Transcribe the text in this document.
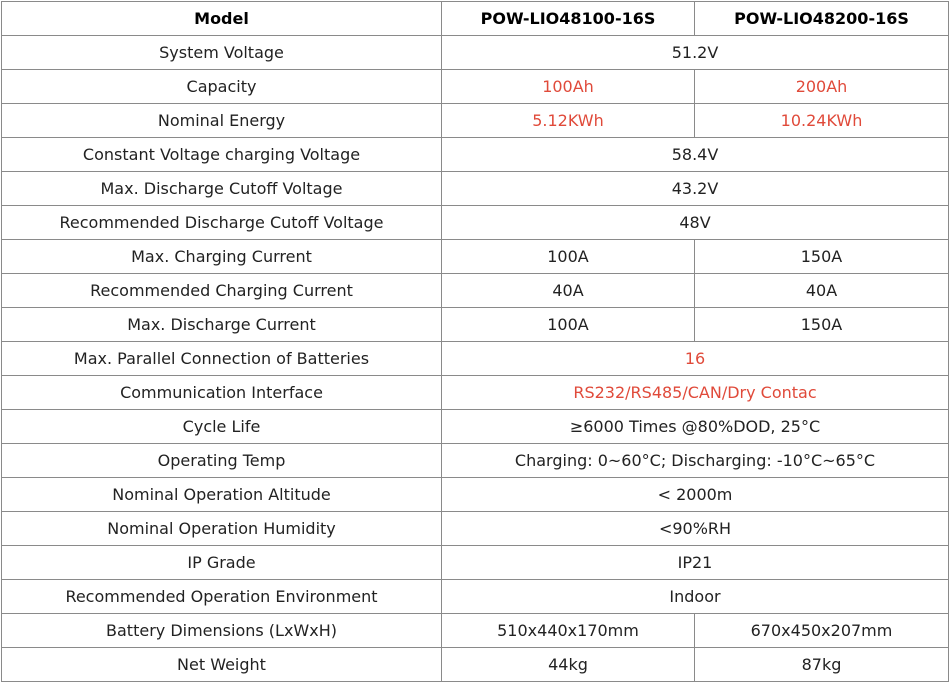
Model	POW-LIO48100-16S	POW-LIO48200-16S
System Voltage	51.2V	
Capacity	100Ah	200Ah
Nominal Energy	5.12KWh	10.24KWh
Constant Voltage charging Voltage	58.4V	
Max. Discharge Cutoff Voltage	43.2V	
Recommended Discharge Cutoff Voltage	48V	
Max. Charging Current	100A	150A
Recommended Charging Current	40A	40A
Max. Discharge Current	100A	150A
Max. Parallel Connection of Batteries	16	
Communication Interface	RS232/RS485/CAN/Dry Contac	
Cycle Life	≥6000 Times @80%DOD, 25°C	
Operating Temp	Charging: 0~60°C; Discharging: -10°C~65°C	
Nominal Operation Altitude	< 2000m	
Nominal Operation Humidity	<90%RH	
IP Grade	IP21	
Recommended Operation Environment	Indoor	
Battery Dimensions (LxWxH)	510x440x170mm	670x450x207mm
Net Weight	44kg	87kg
